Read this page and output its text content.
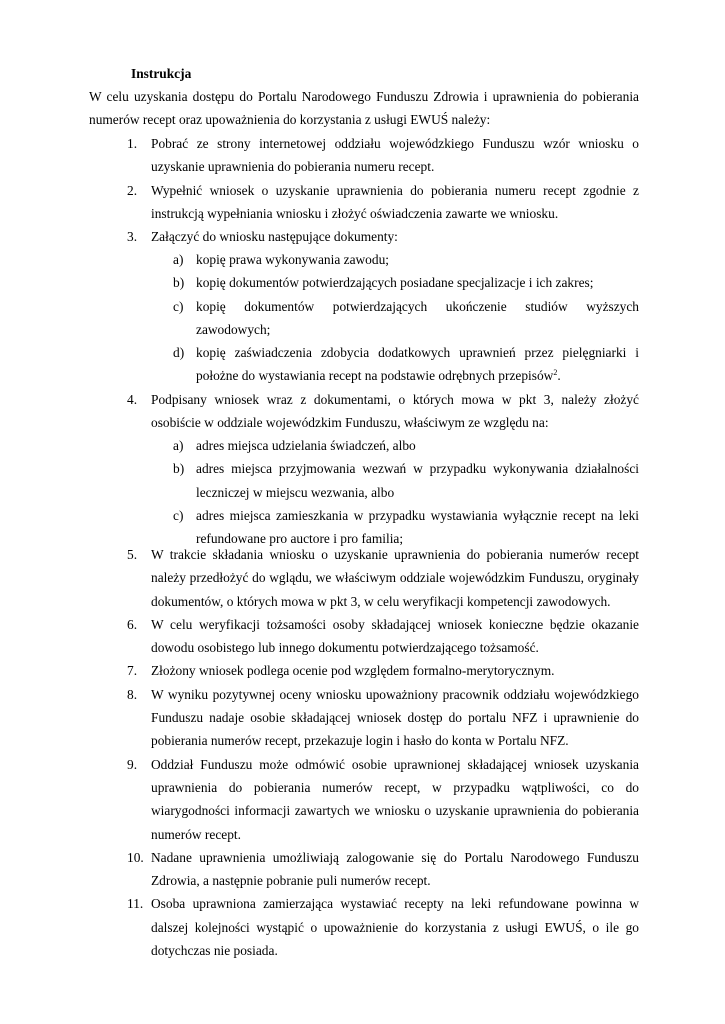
Instrukcja

W celu uzyskania dostępu do Portalu Narodowego Funduszu Zdrowia i uprawnienia do pobierania numerów recept oraz upoważnienia do korzystania z usługi EWUŚ należy:

1. Pobrać ze strony internetowej oddziału wojewódzkiego Funduszu wzór wniosku o uzyskanie uprawnienia do pobierania numeru recept.
2. Wypełnić wniosek o uzyskanie uprawnienia do pobierania numeru recept zgodnie z instrukcją wypełniania wniosku i złożyć oświadczenia zawarte we wniosku.
3. Załączyć do wniosku następujące dokumenty:
a) kopię prawa wykonywania zawodu;
b) kopię dokumentów potwierdzających posiadane specjalizacje i ich zakres;
c) kopię dokumentów potwierdzających ukończenie studiów wyższych zawodowych;
d) kopię zaświadczenia zdobycia dodatkowych uprawnień przez pielęgniarki i położne do wystawiania recept na podstawie odrębnych przepisów$^2$.
4. Podpisany wniosek wraz z dokumentami, o których mowa w pkt 3, należy złożyć osobiście w oddziale wojewódzkim Funduszu, właściwym ze względu na:
a) adres miejsca udzielania świadczeń, albo
b) adres miejsca przyjmowania wezwań w przypadku wykonywania działalności leczniczej w miejscu wezwania, albo
c) adres miejsca zamieszkania w przypadku wystawiania wyłącznie recept na leki refundowane pro auctore i pro familia;
5. W trakcie składania wniosku o uzyskanie uprawnienia do pobierania numerów recept należy przedłożyć do wglądu, we właściwym oddziale wojewódzkim Funduszu, oryginały dokumentów, o których mowa w pkt 3, w celu weryfikacji kompetencji zawodowych.
6. W celu weryfikacji tożsamości osoby składającej wniosek konieczne będzie okazanie dowodu osobistego lub innego dokumentu potwierdzającego tożsamość.
7. Złożony wniosek podlega ocenie pod względem formalno-merytorycznym.
8. W wyniku pozytywnej oceny wniosku upoważniony pracownik oddziału wojewódzkiego Funduszu nadaje osobie składającej wniosek dostęp do portalu NFZ i uprawnienie do pobierania numerów recept, przekazuje login i hasło do konta w Portalu NFZ.
9. Oddział Funduszu może odmówić osobie uprawnionej składającej wniosek uzyskania uprawnienia do pobierania numerów recept, w przypadku wątpliwości, co do wiarygodności informacji zawartych we wniosku o uzyskanie uprawnienia do pobierania numerów recept.
10. Nadane uprawnienia umożliwiają zalogowanie się do Portalu Narodowego Funduszu Zdrowia, a następnie pobranie puli numerów recept.
11. Osoba uprawniona zamierzająca wystawiać recepty na leki refundowane powinna w dalszej kolejności wystąpić o upoważnienie do korzystania z usługi EWUŚ, o ile go dotychczas nie posiada.
